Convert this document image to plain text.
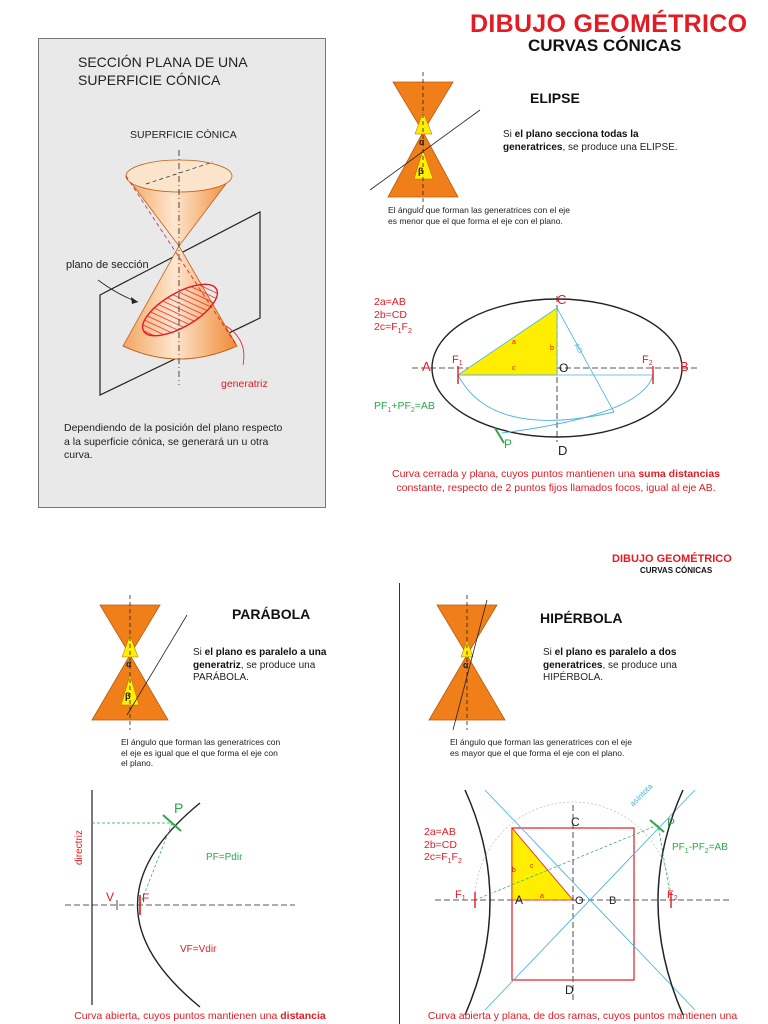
DIBUJO GEOMÉTRICO
CURVAS CÓNICAS
SECCIÓN PLANA DE UNA
SUPERFICIE CÓNICA
SUPERFICIE CÓNICA
plano de sección
generatriz
Dependiendo de la posición del plano respecto
a la superficie cónica, se generará un u otra
curva.
α
β
ELIPSE
Si el plano secciona todas la generatrices, se produce una ELIPSE.
El ángulo que forman las generatrices con el eje
es menor que el que forma el eje con el plano.
A	B
C
D
O
F1	F2
P
a
b
c
AO
2a=AB
2b=CD
$2c=F_1F_2$
$PF_1+PF_2=AB$
Curva cerrada y plana, cuyos puntos mantienen una suma distancias
constante, respecto de 2 puntos fijos llamados focos, igual al eje AB.
DIBUJO GEOMÉTRICO
CURVAS CÓNICAS
α
β
PARÁBOLA
Si el plano es paralelo a una generatriz, se produce una PARÁBOLA.
El ángulo que forman las generatrices con
el eje es igual que el que forma el eje con
el plano.
P
V F
directriz	PF=Pdir
VF=Vdir
Curva abierta, cuyos puntos mantienen una distancia
α
HIPÉRBOLA
Si el plano es paralelo a dos generatrices, se produce una HIPÉRBOLA.
El ángulo que forman las generatrices con el eje
es mayor que el que forma el eje con el plano.
P
C
D
A	B
O
F1	F2
b
c
a
asíntota
2a=AB
2b=CD
$2c=F_1F_2$
$PF_1-PF_2=AB$
Curva abierta y plana, de dos ramas, cuyos puntos mantienen una
